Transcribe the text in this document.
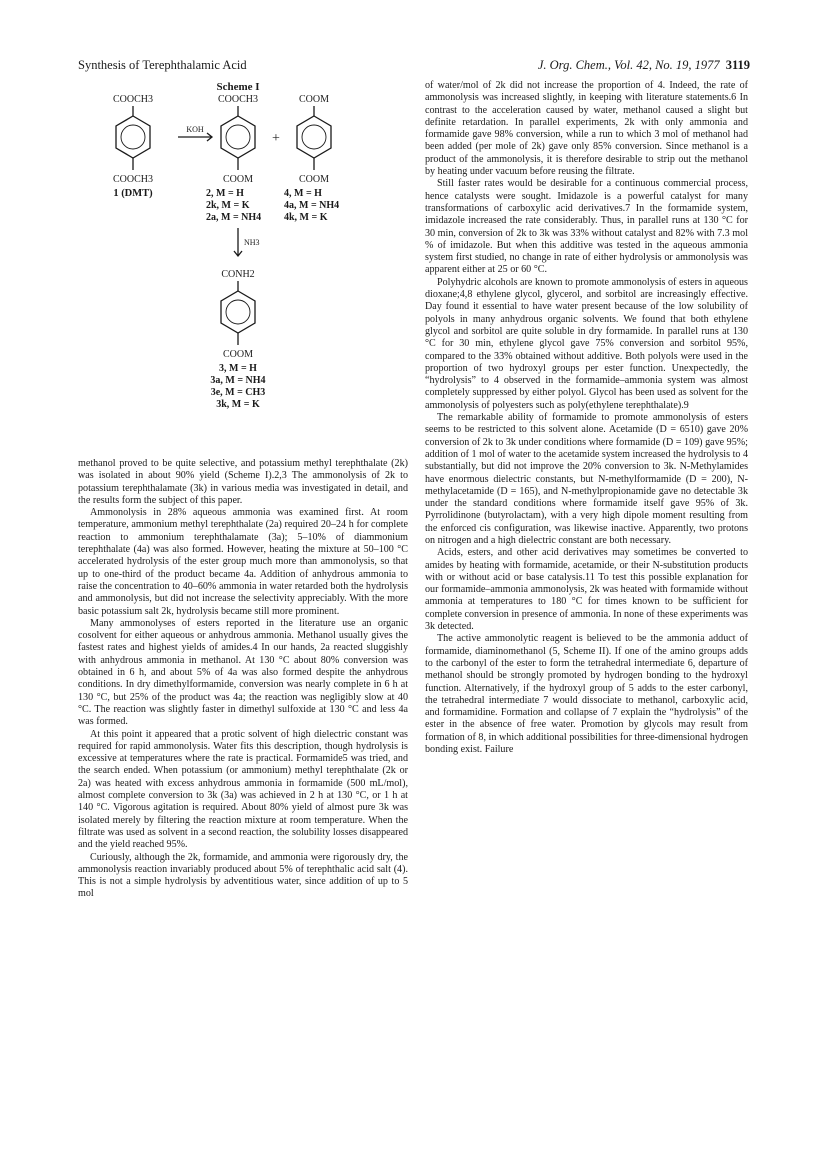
Synthesis of Terephthalamic Acid	J. Org. Chem., Vol. 42, No. 19, 1977 3119
Scheme I
COOCH3
COOCH3
1 (DMT)
KOH
+
COOCH3
COOM
2, M = H
2k, M = K
2a, M = NH4
COOM
COOM
4, M = H
4a, M = NH4
4k, M = K
NH3
CONH2
COOM
3, M = H
3a, M = NH4
3e, M = CH3
3k, M = K

methanol proved to be quite selective, and potassium methyl terephthalate (2k) was isolated in about 90% yield (Scheme I).2,3 The ammonolysis of 2k to potassium terephthalamate (3k) in various media was investigated in detail, and the results form the subject of this paper.

Ammonolysis in 28% aqueous ammonia was examined first. At room temperature, ammonium methyl terephthalate (2a) required 20–24 h for complete reaction to ammonium terephthalamate (3a); 5–10% of diammonium terephthalate (4a) was also formed. However, heating the mixture at 50–100 °C accelerated hydrolysis of the ester group much more than ammonolysis, so that up to one-third of the product became 4a. Addition of anhydrous ammonia to raise the concentration to 40–60% ammonia in water retarded both the hydrolysis and ammonolysis, but did not increase the selectivity appreciably. With the more basic potassium salt 2k, hydrolysis became still more prominent.

Many ammonolyses of esters reported in the literature use an organic cosolvent for either aqueous or anhydrous ammonia. Methanol usually gives the fastest rates and highest yields of amides.4 In our hands, 2a reacted sluggishly with anhydrous ammonia in methanol. At 130 °C about 80% conversion was obtained in 6 h, and about 5% of 4a was also formed despite the anhydrous conditions. In dry dimethylformamide, conversion was nearly complete in 6 h at 130 °C, but 25% of the product was 4a; the reaction was negligibly slow at 40 °C. The reaction was slightly faster in dimethyl sulfoxide at 130 °C and less 4a was formed.

At this point it appeared that a protic solvent of high dielectric constant was required for rapid ammonolysis. Water fits this description, though hydrolysis is excessive at temperatures where the rate is practical. Formamide5 was tried, and the search ended. When potassium (or ammonium) methyl terephthalate (2k or 2a) was heated with excess anhydrous ammonia in formamide (500 mL/mol), almost complete conversion to 3k (3a) was achieved in 2 h at 130 °C, or 1 h at 140 °C. Vigorous agitation is required. About 80% yield of almost pure 3k was isolated merely by filtering the reaction mixture at room temperature. When the filtrate was used as solvent in a second reaction, the solubility losses disappeared and the yield reached 95%.

Curiously, although the 2k, formamide, and ammonia were rigorously dry, the ammonolysis reaction invariably produced about 5% of terephthalic acid salt (4). This is not a simple hydrolysis by adventitious water, since addition of up to 5 mol

of water/mol of 2k did not increase the proportion of 4. Indeed, the rate of ammonolysis was increased slightly, in keeping with literature statements.6 In contrast to the acceleration caused by water, methanol caused a slight but definite retardation. In parallel experiments, 2k with only ammonia and formamide gave 98% conversion, while a run to which 3 mol of methanol had been added (per mole of 2k) gave only 85% conversion. Since methanol is a product of the ammonolysis, it is therefore desirable to strip out the methanol by heating under vacuum before reusing the filtrate.

Still faster rates would be desirable for a continuous commercial process, hence catalysts were sought. Imidazole is a powerful catalyst for many transformations of carboxylic acid derivatives.7 In the formamide system, imidazole increased the rate considerably. Thus, in parallel runs at 130 °C for 30 min, conversion of 2k to 3k was 33% without catalyst and 82% with 7.3 mol % of imidazole. But when this additive was tested in the aqueous ammonia system first studied, no change in rate of either hydrolysis or ammonolysis was apparent either at 25 or 60 °C.

Polyhydric alcohols are known to promote ammonolysis of esters in aqueous dioxane;4,8 ethylene glycol, glycerol, and sorbitol are increasingly effective. Day found it essential to have water present because of the low solubility of polyols in many anhydrous organic solvents. We found that both ethylene glycol and sorbitol are quite soluble in dry formamide. In parallel runs at 130 °C for 30 min, ethylene glycol gave 75% conversion and sorbitol 95%, compared to the 33% obtained without additive. Both polyols were used in the proportion of two hydroxyl groups per ester function. Unexpectedly, the “hydrolysis” to 4 observed in the formamide–ammonia system was almost completely suppressed by either polyol. Glycol has been used as solvent for the ammonolysis of polyesters such as poly(ethylene terephthalate).9

The remarkable ability of formamide to promote ammonolysis of esters seems to be restricted to this solvent alone. Acetamide (D = 6510) gave 20% conversion of 2k to 3k under conditions where formamide (D = 109) gave 95%; addition of 1 mol of water to the acetamide system increased the hydrolysis to 4 substantially, but did not improve the 20% conversion to 3k. N-Methylamides have enormous dielectric constants, but N-methylformamide (D = 200), N-methylacetamide (D = 165), and N-methylpropionamide gave no detectable 3k under the standard conditions where formamide itself gave 95% of 3k. Pyrrolidinone (butyrolactam), with a very high dipole moment resulting from the enforced cis configuration, was likewise inactive. Apparently, two protons on nitrogen and a high dielectric constant are both necessary.

Acids, esters, and other acid derivatives may sometimes be converted to amides by heating with formamide, acetamide, or their N-substitution products with or without acid or base catalysis.11 To test this possible explanation for our formamide–ammonia ammonolysis, 2k was heated with formamide without ammonia at temperatures to 180 °C for times known to be sufficient for complete conversion in presence of ammonia. In none of these experiments was 3k detected.

The active ammonolytic reagent is believed to be the ammonia adduct of formamide, diaminomethanol (5, Scheme II). If one of the amino groups adds to the carbonyl of the ester to form the tetrahedral intermediate 6, departure of methanol should be strongly promoted by hydrogen bonding to the hydroxyl function. Alternatively, if the hydroxyl group of 5 adds to the ester carbonyl, the tetrahedral intermediate 7 would dissociate to methanol, carboxylic acid, and formamidine. Formation and collapse of 7 explain the “hydrolysis” of the ester in the absence of free water. Promotion by glycols may result from formation of 8, in which additional possibilities for three-dimensional hydrogen bonding exist. Failure
